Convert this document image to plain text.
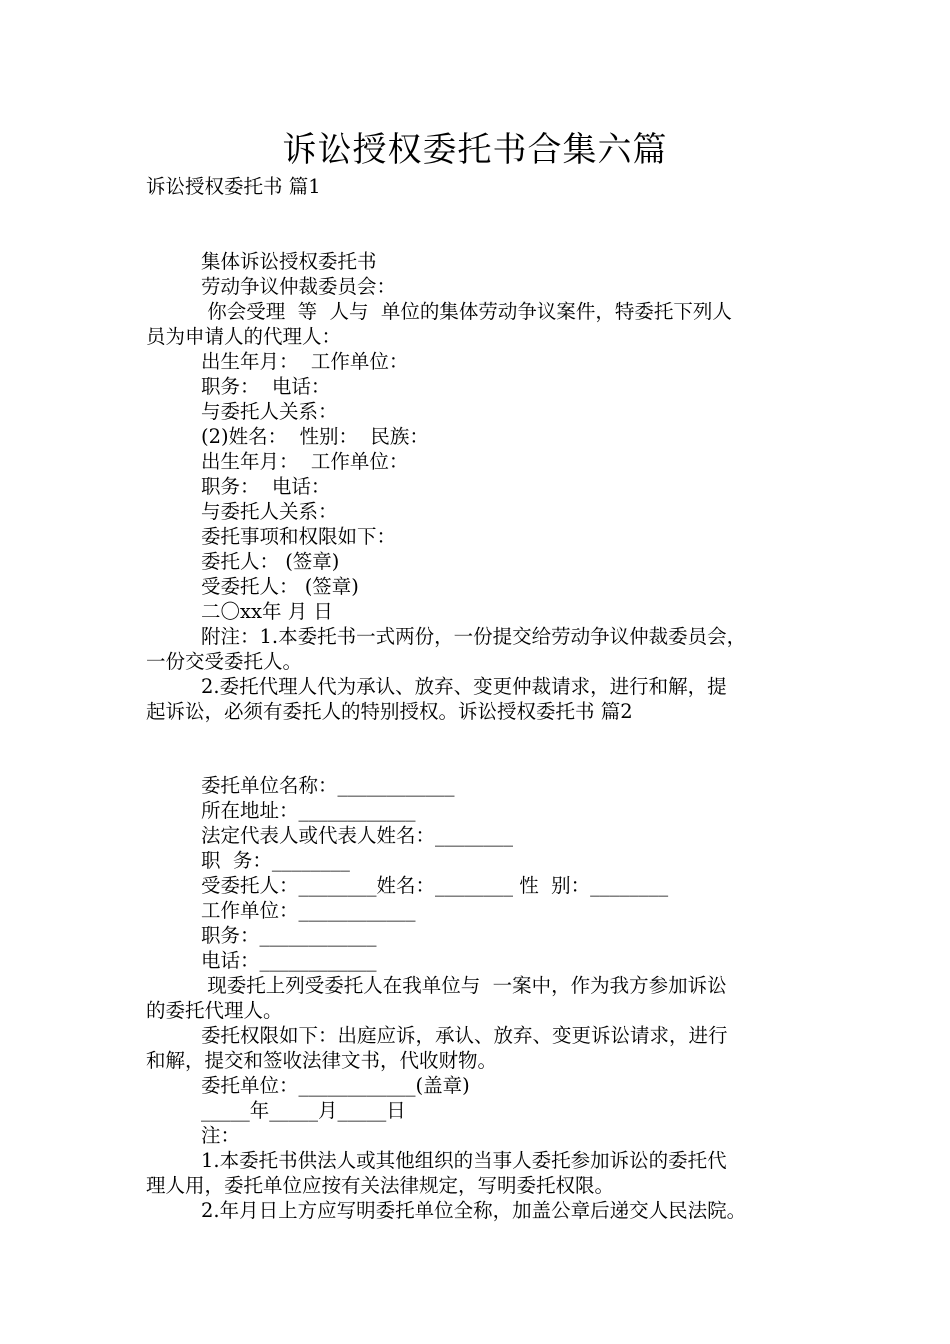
诉讼授权委托书合集六篇
诉讼授权委托书 篇1
集体诉讼授权委托书
劳动争议仲裁委员会：
你会受理  等  人与  单位的集体劳动争议案件，特委托下列人
员为申请人的代理人：
出生年月：  工作单位：
职务：  电话：
与委托人关系：
(2)姓名：  性别：  民族：
出生年月：  工作单位：
职务：  电话：
与委托人关系：
委托事项和权限如下：
委托人： (签章)
受委托人： (签章)
二〇xx年 月 日
附注：1.本委托书一式两份，一份提交给劳动争议仲裁委员会，
一份交受委托人。
2.委托代理人代为承认、放弃、变更仲裁请求，进行和解，提
起诉讼，必须有委托人的特别授权。诉讼授权委托书 篇2
委托单位名称：____________
所在地址：____________
法定代表人或代表人姓名：________
职  务：________
受委托人：________姓名：________ 性  别：________
工作单位：____________
职务：____________
电话：____________
现委托上列受委托人在我单位与  一案中，作为我方参加诉讼
的委托代理人。
委托权限如下：出庭应诉，承认、放弃、变更诉讼请求，进行
和解，提交和签收法律文书，代收财物。
委托单位：____________(盖章)
_____年_____月_____日
注：
1.本委托书供法人或其他组织的当事人委托参加诉讼的委托代
理人用，委托单位应按有关法律规定，写明委托权限。
2.年月日上方应写明委托单位全称，加盖公章后递交人民法院。
